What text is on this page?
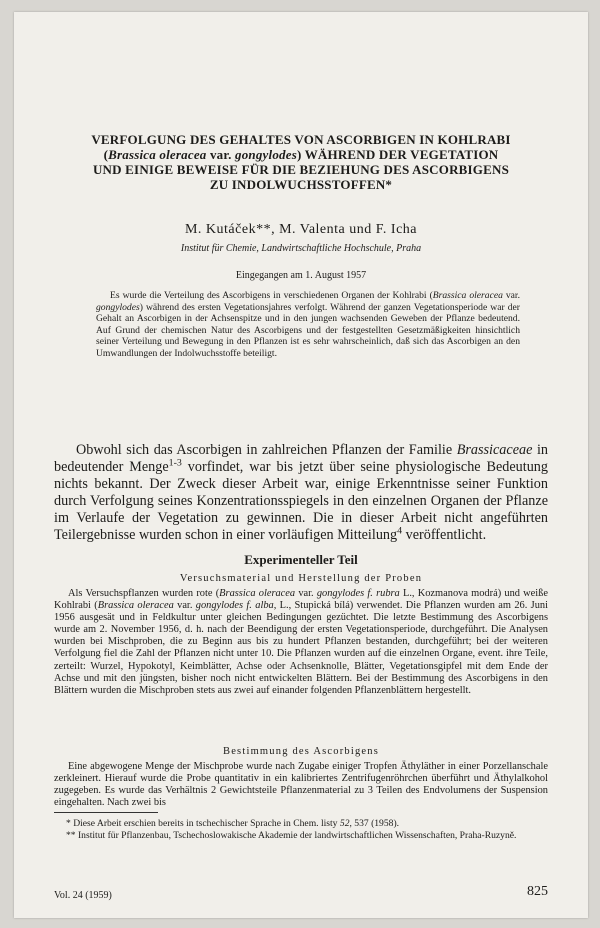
VERFOLGUNG DES GEHALTES VON ASCORBIGEN IN KOHLRABI
(Brassica oleracea var. gongylodes) WÄHREND DER VEGETATION
UND EINIGE BEWEISE FÜR DIE BEZIEHUNG DES ASCORBIGENS
ZU INDOLWUCHSSTOFFEN*
M. Kutáček**, M. Valenta und F. Icha
Institut für Chemie, Landwirtschaftliche Hochschule, Praha
Eingegangen am 1. August 1957

Es wurde die Verteilung des Ascorbigens in verschiedenen Organen der Kohlrabi (Brassica oleracea var. gongylodes) während des ersten Vegetationsjahres verfolgt. Während der ganzen Vegetationsperiode war der Gehalt an Ascorbigen in der Achsenspitze und in den jungen wachsenden Geweben der Pflanze bedeutend. Auf Grund der chemischen Natur des Ascorbigens und der festgestellten Gesetzmäßigkeiten hinsichtlich seiner Verteilung und Bewegung in den Pflanzen ist es sehr wahrscheinlich, daß sich das Ascorbigen an den Umwandlungen der Indolwuchsstoffe beteiligt.

Obwohl sich das Ascorbigen in zahlreichen Pflanzen der Familie Brassicaceae in bedeutender Menge$^{1-3}$ vorfindet, war bis jetzt über seine physiologische Bedeutung nichts bekannt. Der Zweck dieser Arbeit war, einige Erkenntnisse seiner Funktion durch Verfolgung seines Konzentrationsspiegels in den einzelnen Organen der Pflanze im Verlaufe der Vegetation zu gewinnen. Die in dieser Arbeit nicht angeführten Teilergebnisse wurden schon in einer vorläufigen Mitteilung$^4$ veröffentlicht.

Experimenteller Teil
Versuchsmaterial und Herstellung der Proben

Als Versuchspflanzen wurden rote (Brassica oleracea var. gongylodes f. rubra L., Kozmanova modrá) und weiße Kohlrabi (Brassica oleracea var. gongylodes f. alba, L., Stupická bílá) verwendet. Die Pflanzen wurden am 26. Juni 1956 ausgesät und in Feldkultur unter gleichen Bedingungen gezüchtet. Die letzte Bestimmung des Ascorbigens wurde am 2. November 1956, d. h. nach der Beendigung der ersten Vegetationsperiode, durchgeführt. Die Analysen wurden bei Mischproben, die zu Beginn aus bis zu hundert Pflanzen bestanden, durchgeführt; bei der weiteren Verfolgung fiel die Zahl der Pflanzen nicht unter 10. Die Pflanzen wurden auf die einzelnen Organe, event. ihre Teile, zerteilt: Wurzel, Hypokotyl, Keimblätter, Achse oder Achsenknolle, Blätter, Vegetationsgipfel mit dem Ende der Achse und mit den jüngsten, bisher noch nicht entwickelten Blättern. Bei der Bestimmung des Ascorbigens in den Blättern wurden die Mischproben stets aus zwei auf einander folgenden Pflanzenblättern hergestellt.

Bestimmung des Ascorbigens

Eine abgewogene Menge der Mischprobe wurde nach Zugabe einiger Tropfen Äthyläther in einer Porzellanschale zerkleinert. Hierauf wurde die Probe quantitativ in ein kalibriertes Zentrifugenröhrchen überführt und Äthylalkohol zugegeben. Es wurde das Verhältnis 2 Gewichtsteile Pflanzenmaterial zu 3 Teilen des Endvolumens der Suspension eingehalten. Nach zwei bis

* Diese Arbeit erschien bereits in tschechischer Sprache in Chem. listy 52, 537 (1958).

** Institut für Pflanzenbau, Tschechoslowakische Akademie der landwirtschaftlichen Wissenschaften, Praha-Ruzyně.

Vol. 24 (1959)	825
